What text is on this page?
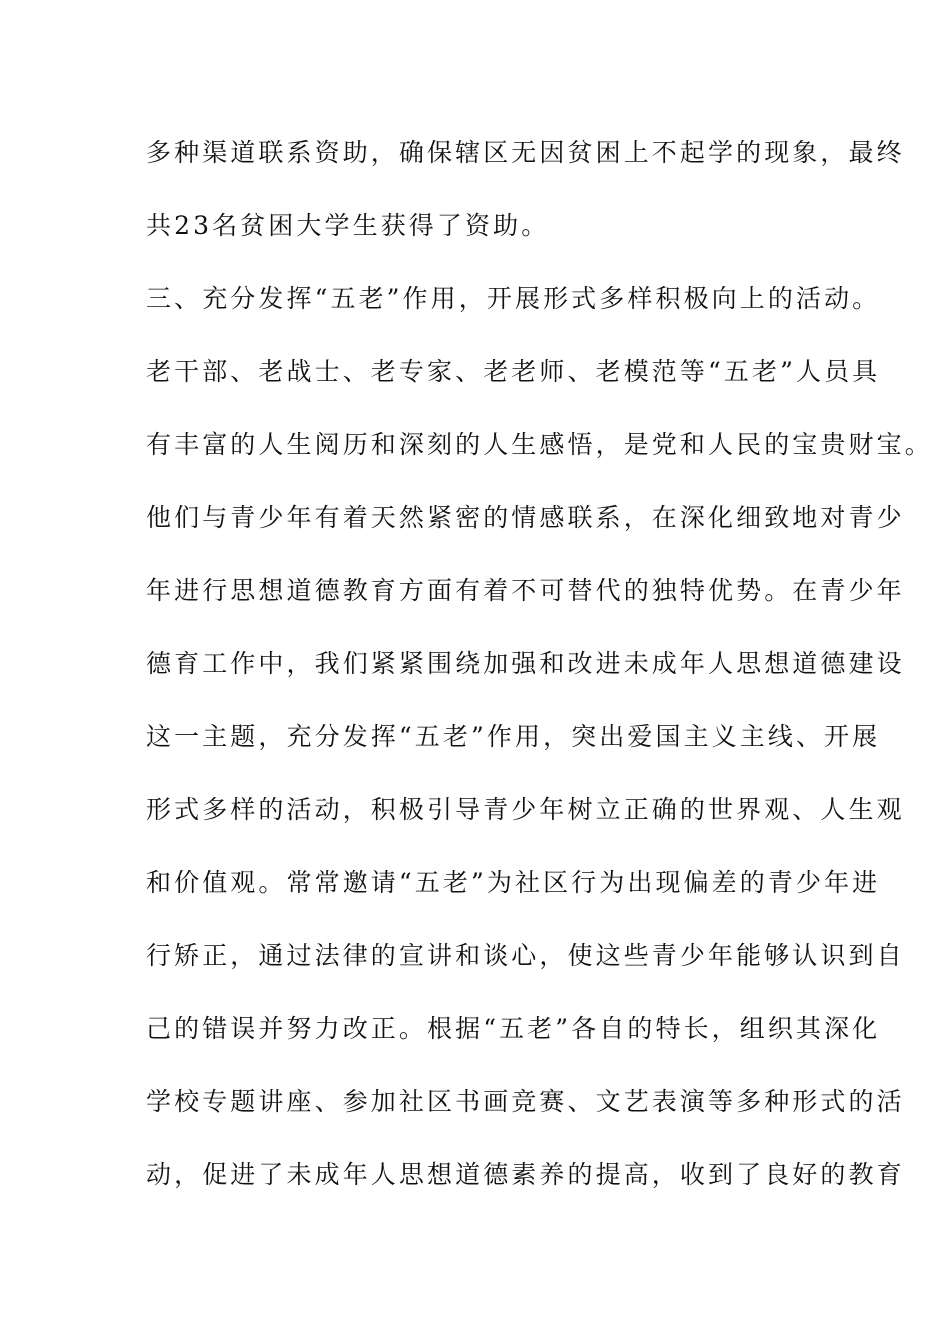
多种渠道联系资助，确保辖区无因贫困上不起学的现象，最终
共23名贫困大学生获得了资助。
三、充分发挥“五老”作用，开展形式多样积极向上的活动。
老干部、老战士、老专家、老老师、老模范等“五老”人员具
有丰富的人生阅历和深刻的人生感悟，是党和人民的宝贵财宝。
他们与青少年有着天然紧密的情感联系，在深化细致地对青少
年进行思想道德教育方面有着不可替代的独特优势。在青少年
德育工作中，我们紧紧围绕加强和改进未成年人思想道德建设
这一主题，充分发挥“五老”作用，突出爱国主义主线、开展
形式多样的活动，积极引导青少年树立正确的世界观、人生观
和价值观。常常邀请“五老”为社区行为出现偏差的青少年进
行矫正，通过法律的宣讲和谈心，使这些青少年能够认识到自
己的错误并努力改正。根据“五老”各自的特长，组织其深化
学校专题讲座、参加社区书画竞赛、文艺表演等多种形式的活
动，促进了未成年人思想道德素养的提高，收到了良好的教育
